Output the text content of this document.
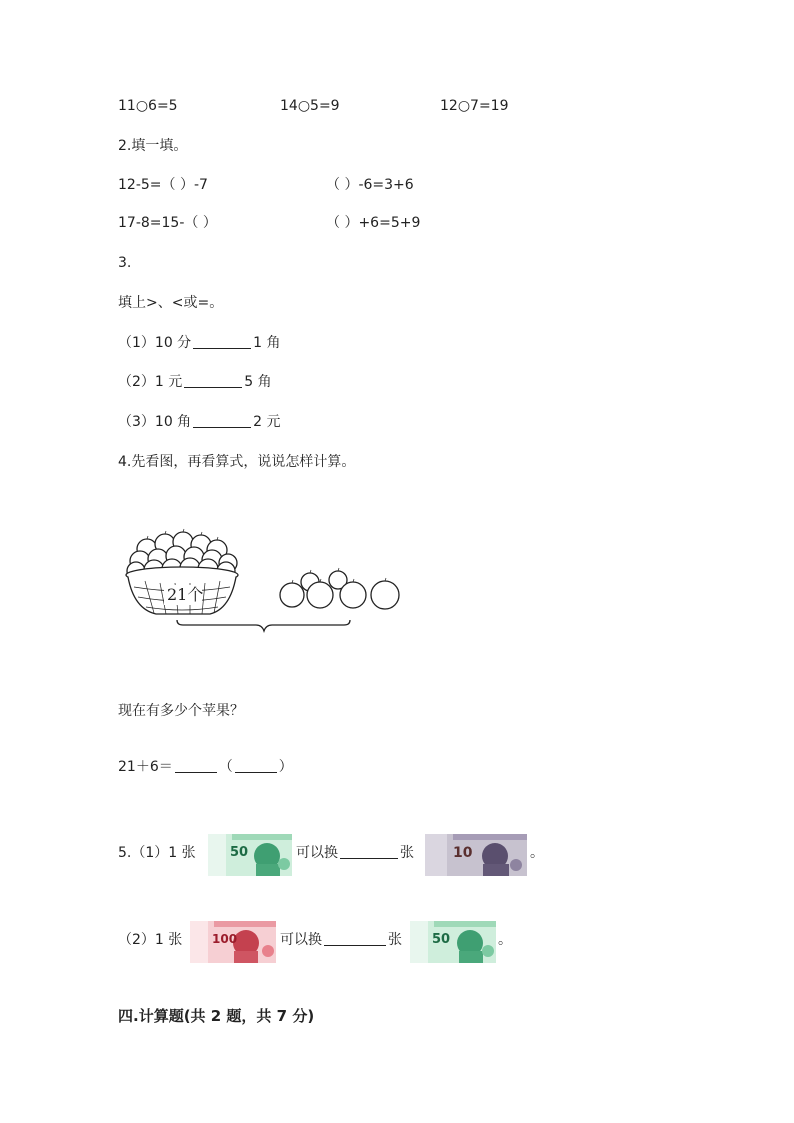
11○6=5	14○5=9	12○7=19
2.填一填。
12-5=（ ）-7	（ ）-6=3+6
17-8=15-（ ）	（ ）+6=5+9
3.
填上>、<或=。
（1）10 分	1 角
（2）1 元	5 角
（3）10 角	2 元
4.先看图，再看算式，说说怎样计算。
21个
现在有多少个苹果？
21＋6＝	（	）
5.（1）1 张	50	可以换	张	10	。
（2）1 张 100	可以换	张 50	。
四.计算题(共 2 题，共 7 分)
